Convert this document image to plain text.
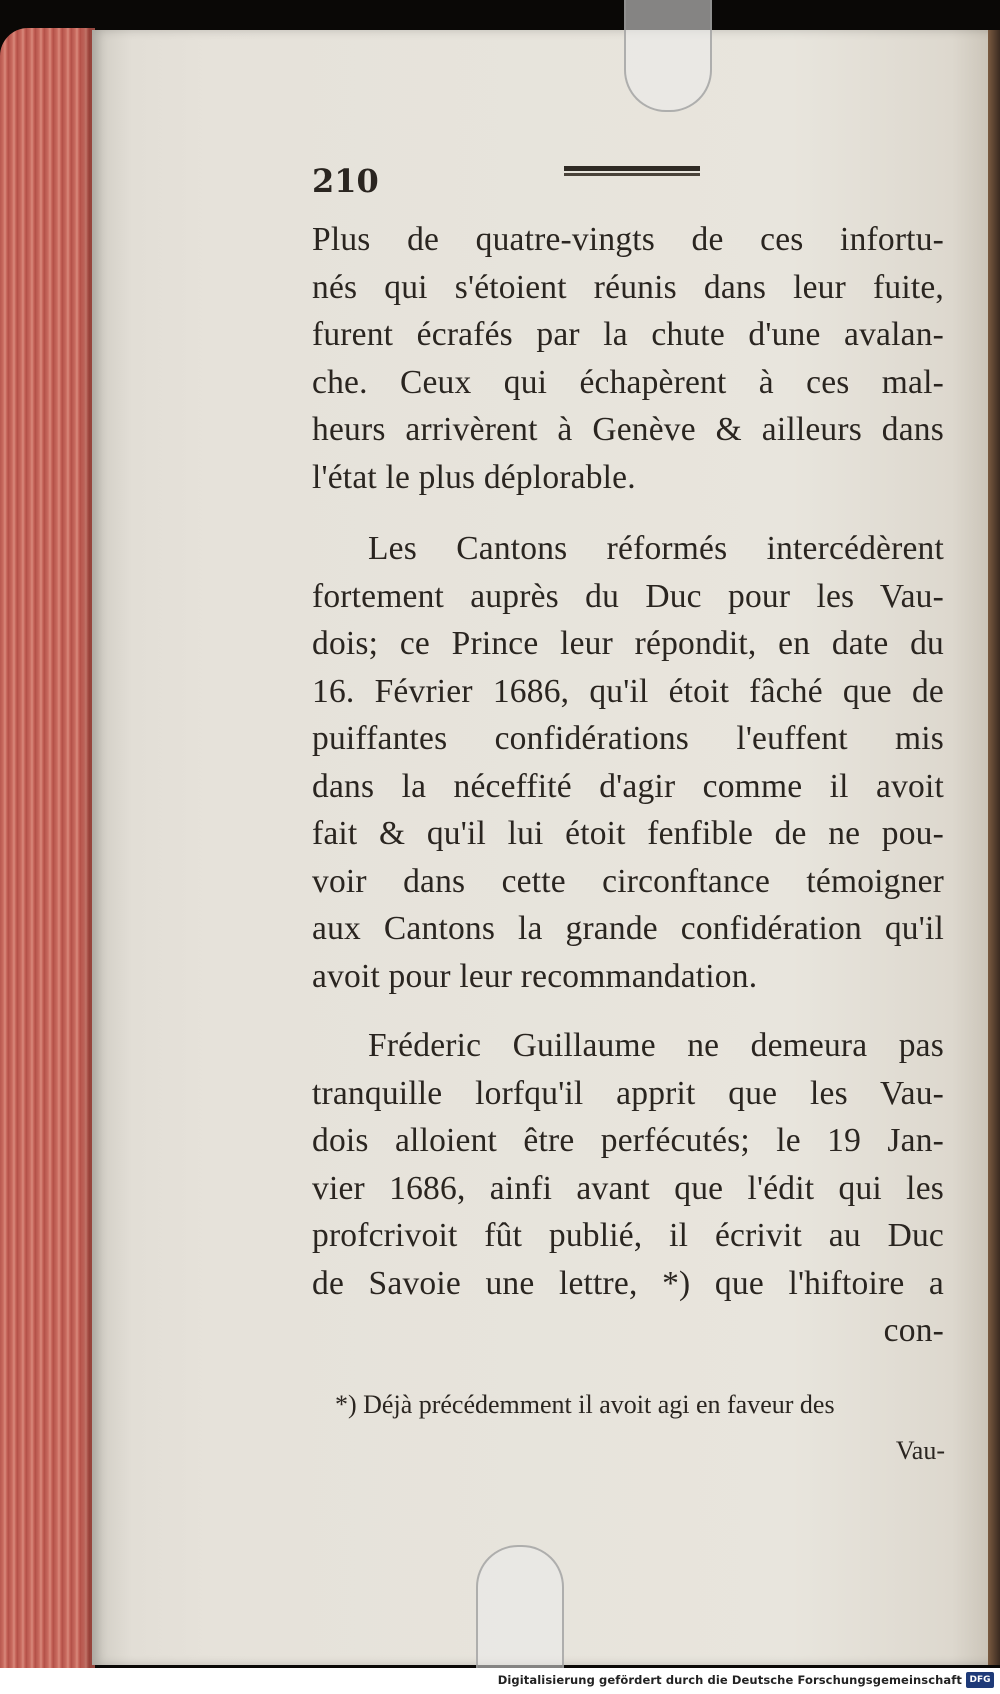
210
Plus de quatre-vingts de ces infortu-
nés qui s'étoient réunis dans leur fuite,
furent écrafés par la chute d'une avalan-
che. Ceux qui échapèrent à ces mal-
heurs arrivèrent à Genève & ailleurs dans
l'état le plus déplorable.
Les Cantons réformés intercédèrent
fortement auprès du Duc pour les Vau-
dois; ce Prince leur répondit, en date du
16. Février 1686, qu'il étoit fâché que de
puiffantes confidérations l'euffent mis
dans la néceffité d'agir comme il avoit
fait & qu'il lui étoit fenfible de ne pou-
voir dans cette circonftance témoigner
aux Cantons la grande confidération qu'il
avoit pour leur recommandation.
Fréderic Guillaume ne demeura pas
tranquille lorfqu'il apprit que les Vau-
dois alloient être perfécutés; le 19 Jan-
vier 1686, ainfi avant que l'édit qui les
profcrivoit fût publié, il écrivit au Duc
de Savoie une lettre, *) que l'hiftoire a
con-
*) Déjà précédemment il avoit agi en faveur des
Vau-
Digitalisierung gefördert durch die Deutsche Forschungsgemeinschaft DFG
